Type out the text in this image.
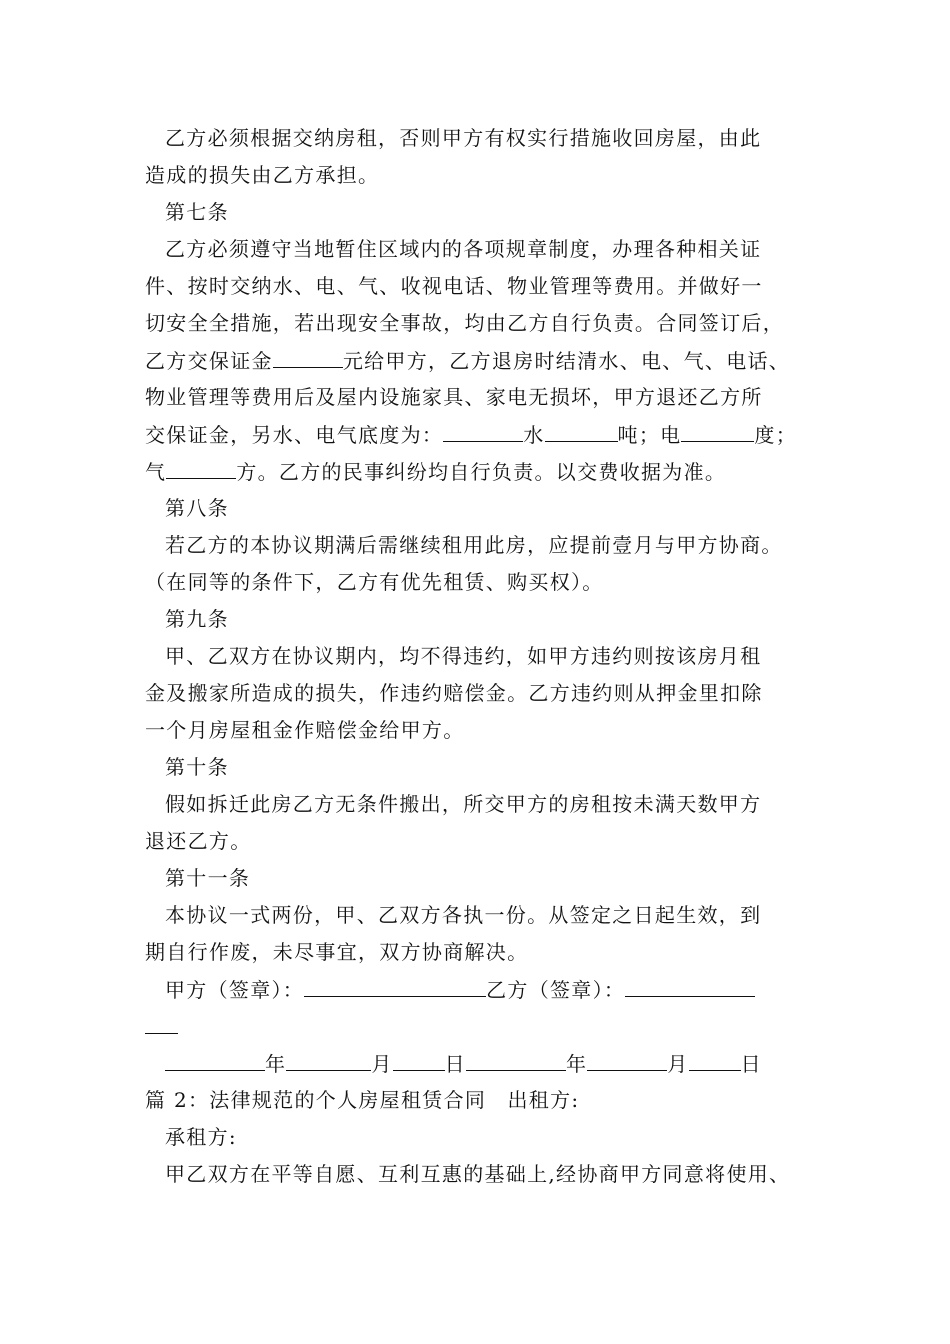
乙方必须根据交纳房租，否则甲方有权实行措施收回房屋，由此

造成的损失由乙方承担。

第七条

乙方必须遵守当地暂住区域内的各项规章制度，办理各种相关证

件、按时交纳水、电、气、收视电话、物业管理等费用。并做好一

切安全全措施，若出现安全事故，均由乙方自行负责。合同签订后，

乙方交保证金	元给甲方，乙方退房时结清水、电、气、电话、

物业管理等费用后及屋内设施家具、家电无损坏，甲方退还乙方所

交保证金，另水、电气底度为：	水	吨；电	度；

气	方。乙方的民事纠纷均自行负责。以交费收据为准。

第八条

若乙方的本协议期满后需继续租用此房，应提前壹月与甲方协商。

（在同等的条件下，乙方有优先租赁、购买权）。

第九条

甲、乙双方在协议期内，均不得违约，如甲方违约则按该房月租

金及搬家所造成的损失，作违约赔偿金。乙方违约则从押金里扣除

一个月房屋租金作赔偿金给甲方。

第十条

假如拆迁此房乙方无条件搬出，所交甲方的房租按未满天数甲方

退还乙方。

第十一条

本协议一式两份，甲、乙双方各执一份。从签定之日起生效，到

期自行作废，未尽事宜，双方协商解决。

甲方（签章）：	乙方（签章）：

年	月	日	年	月	日

篇 2：法律规范的个人房屋租赁合同　出租方:

承租方:

甲乙双方在平等自愿、互利互惠的基础上,经协商甲方同意将使用、
